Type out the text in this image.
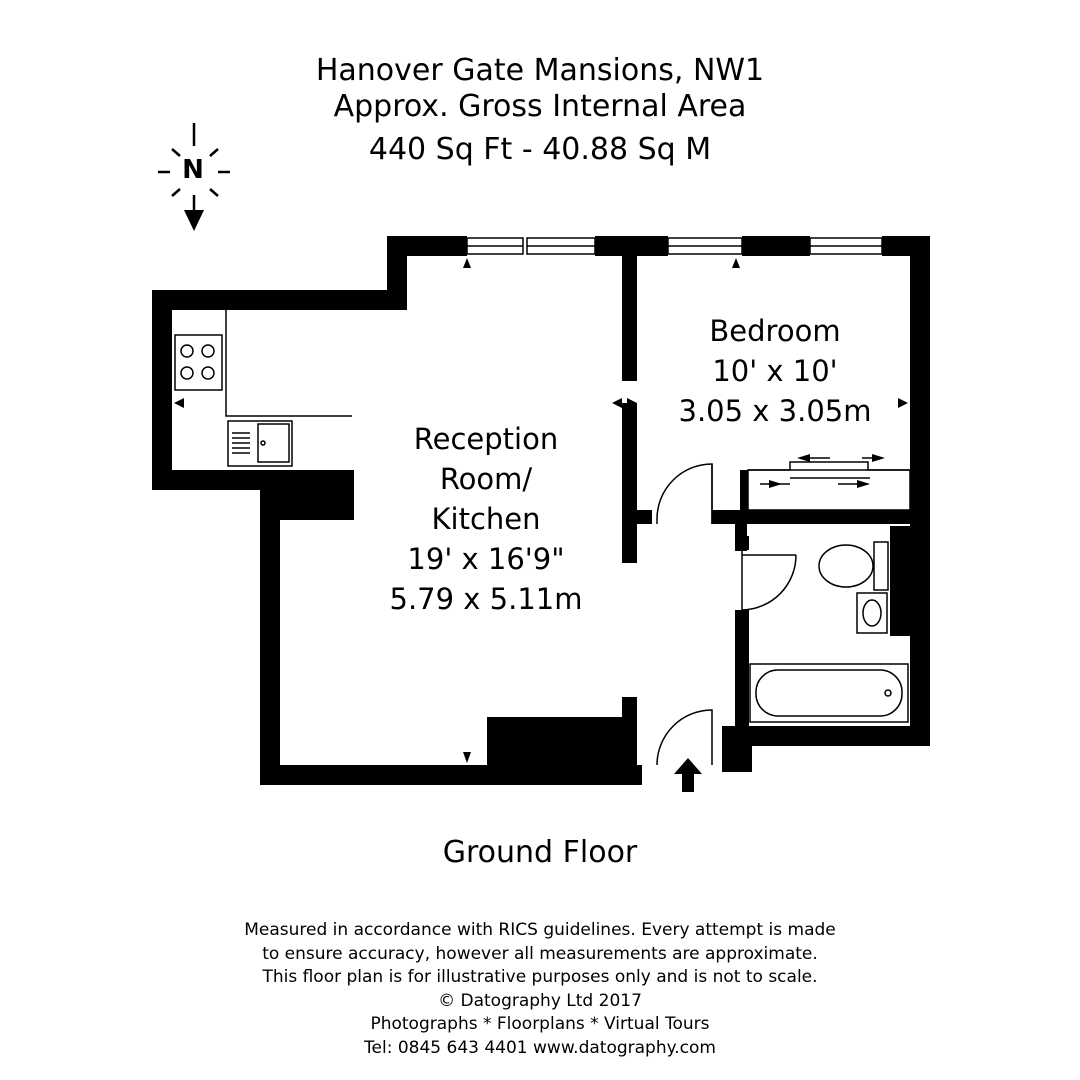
Hanover Gate Mansions, NW1
Approx. Gross Internal Area
440 Sq Ft - 40.88 Sq M
N
Reception
Room/
Kitchen
19' x 16'9"
5.79 x 5.11m
Bedroom
10' x 10'
3.05 x 3.05m
Ground Floor
Measured in accordance with RICS guidelines. Every attempt is made
to ensure accuracy, however all measurements are approximate.
This floor plan is for illustrative purposes only and is not to scale.
© Datography Ltd 2017
Photographs * Floorplans * Virtual Tours
Tel: 0845 643 4401 www.datography.com
